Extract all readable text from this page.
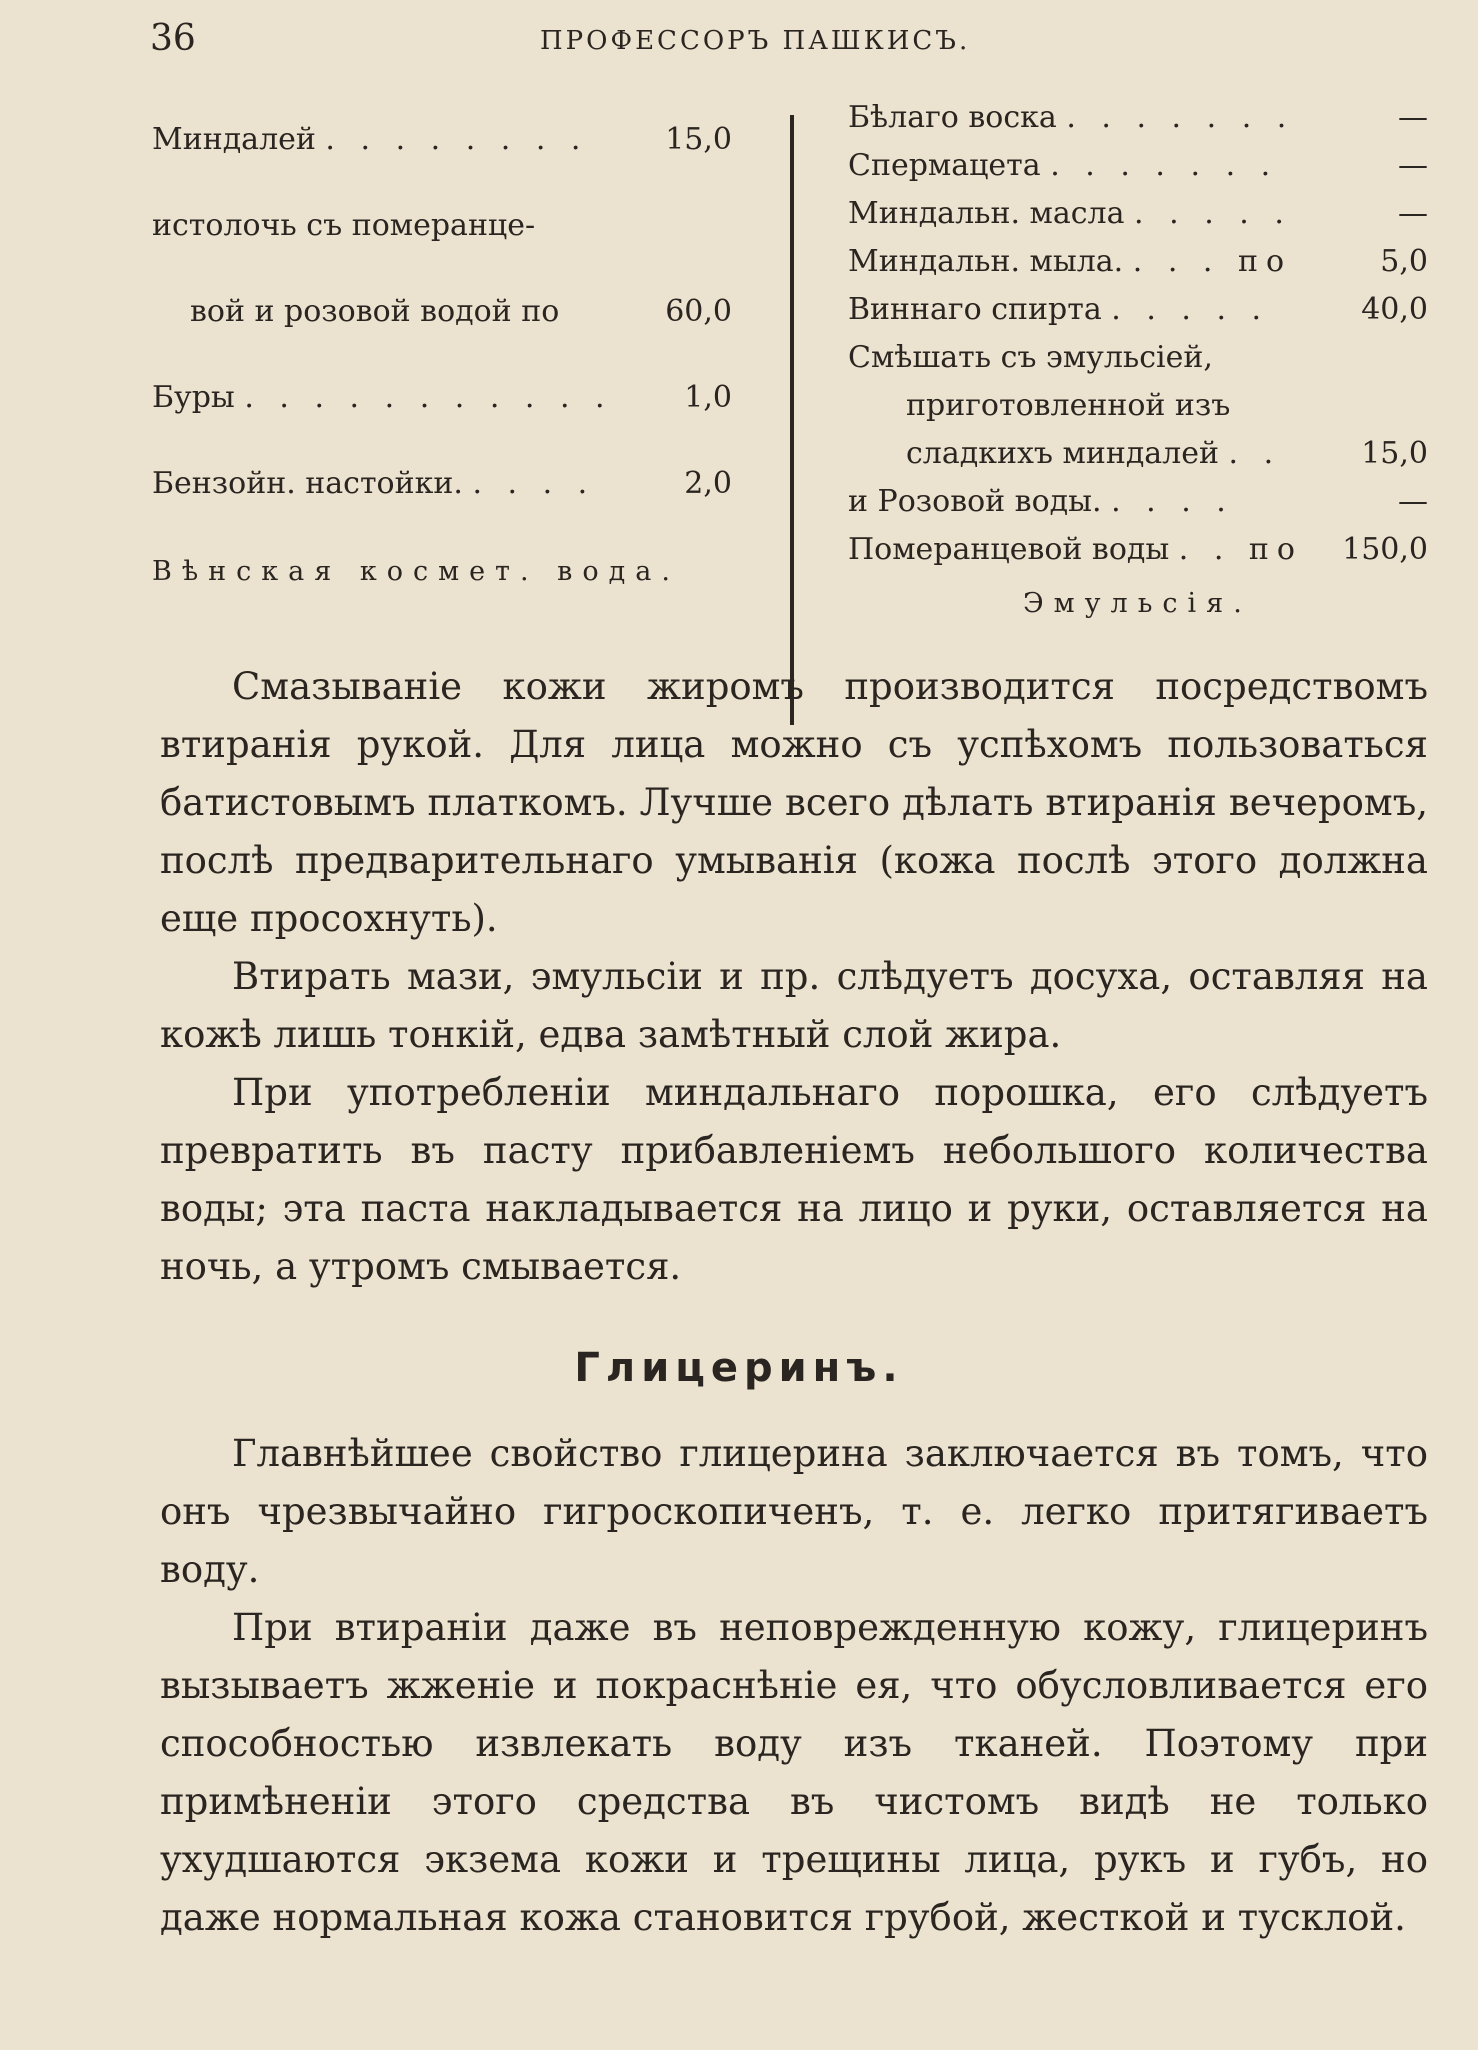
36	ПРОФЕССОРЪ ПАШКИСЪ.
Миндалей . . . . . . . .	15,0
истолочь съ померанце-
вой и розовой водой по	60,0
Буры . . . . . . . . . . . 1,0
Бензойн. настойки. . . . .	2,0
Вѣнская космет. вода.
Бѣлаго воска . . . . . . .	—
Спермацета . . . . . . .	—
Миндальн. масла . . . . .	—
Миндальн. мыла. . . . по	5,0
Виннаго спирта . . . . .	40,0
Смѣшать съ эмульсiей,
приготовленной изъ
сладкихъ миндалей . .	15,0
и Розовой воды. . . . .	—
Померанцевой воды . . по 150,0
Эмульсiя.

Смазыванiе кожи жиромъ производится посредствомъ втиранiя рукой. Для лица можно съ успѣхомъ пользоваться батистовымъ платкомъ. Лучше всего дѣлать втиранiя вечеромъ, послѣ предварительнаго умыванiя (кожа послѣ этого должна еще просохнуть).

Втирать мази, эмульсiи и пр. слѣдуетъ досуха, оставляя на кожѣ лишь тонкiй, едва замѣтный слой жира.

При употребленiи миндальнаго порошка, его слѣдуетъ превратить въ пасту прибавленiемъ небольшого количества воды; эта паста накладывается на лицо и руки, оставляется на ночь, а утромъ смывается.

Глицеринъ.

Главнѣйшее свойство глицерина заключается въ томъ, что онъ чрезвычайно гигроскопиченъ, т. е. легко притягиваетъ воду.

При втиранiи даже въ неповрежденную кожу, глицеринъ вызываетъ жженiе и покраснѣнiе ея, что обусловливается его способностью извлекать воду изъ тканей. Поэтому при примѣненiи этого средства въ чистомъ видѣ не только ухудшаются экзема кожи и трещины лица, рукъ и губъ, но даже нормальная кожа становится грубой, жесткой и тусклой.
